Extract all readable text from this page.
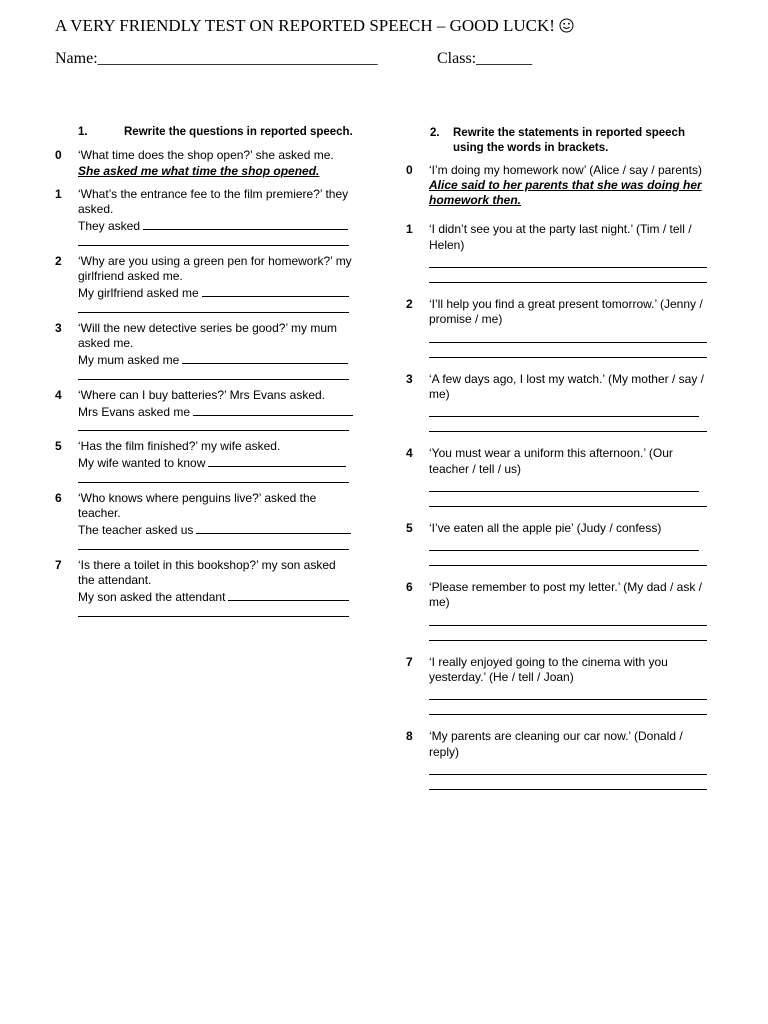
A VERY FRIENDLY TEST ON REPORTED SPEECH – GOOD LUCK!
Name:___________________________________	Class:_______
1.	Rewrite the questions in reported speech.
0 ‘What time does the shop open?’ she asked me.
She asked me what time the shop opened.
1 ‘What’s the entrance fee to the film premiere?’ they asked.
They asked
2 ‘Why are you using a green pen for homework?’ my girlfriend asked me.
My girlfriend asked me
3 ‘Will the new detective series be good?’ my mum asked me.
My mum asked me
4 ‘Where can I buy batteries?’ Mrs Evans asked.
Mrs Evans asked me
5 ‘Has the film finished?’ my wife asked.
My wife wanted to know
6 ‘Who knows where penguins live?’ asked the teacher.
The teacher asked us
7 ‘Is there a toilet in this bookshop?’ my son asked the attendant.
My son asked the attendant
2.	Rewrite the statements in reported speech using the words in brackets.
0 ‘I’m doing my homework now’ (Alice / say / parents)
Alice said to her parents that she was doing her homework then.
1 ‘I didn’t see you at the party last night.’ (Tim / tell / Helen)
2 ‘I’ll help you find a great present tomorrow.’ (Jenny / promise / me)
3 ‘A few days ago, I lost my watch.’ (My mother / say / me)
4 ‘You must wear a uniform this afternoon.’ (Our teacher / tell / us)
5 ‘I’ve eaten all the apple pie’ (Judy / confess)
6 ‘Please remember to post my letter.’ (My dad / ask / me)
7 ‘I really enjoyed going to the cinema with you yesterday.’ (He / tell / Joan)
8 ‘My parents are cleaning our car now.’ (Donald / reply)
